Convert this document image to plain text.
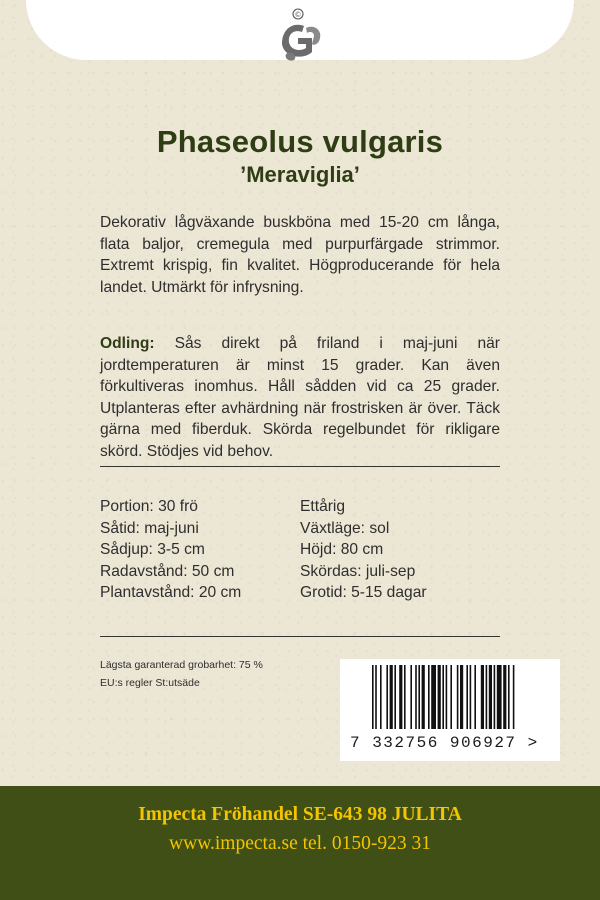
©
Phaseolus vulgaris
’Meraviglia’
Dekorativ lågväxande buskböna med 15-20 cm långa, flata baljor, cremegula med purpurfärgade strimmor. Extremt krispig, fin kvalitet. Högproducerande för hela landet. Utmärkt för infrysning.
Odling: Sås direkt på friland i maj-juni när jordtemperaturen är minst 15 grader. Kan även förkultiveras inomhus. Håll sådden vid ca 25 grader. Utplanteras efter avhärdning när frostrisken är över. Täck gärna med fiberduk. Skörda regelbundet för rikligare skörd. Stödjes vid behov.
Portion: 30 frö
Såtid: maj-juni
Sådjup: 3-5 cm
Radavstånd: 50 cm
Plantavstånd: 20 cm
Ettårig
Växtläge: sol
Höjd: 80 cm
Skördas: juli-sep
Grotid: 5-15 dagar
Lägsta garanterad grobarhet: 75 %
EU:s regler St:utsäde
7 332756 906927 >
Impecta Fröhandel SE-643 98 JULITA
www.impecta.se tel. 0150-923 31
